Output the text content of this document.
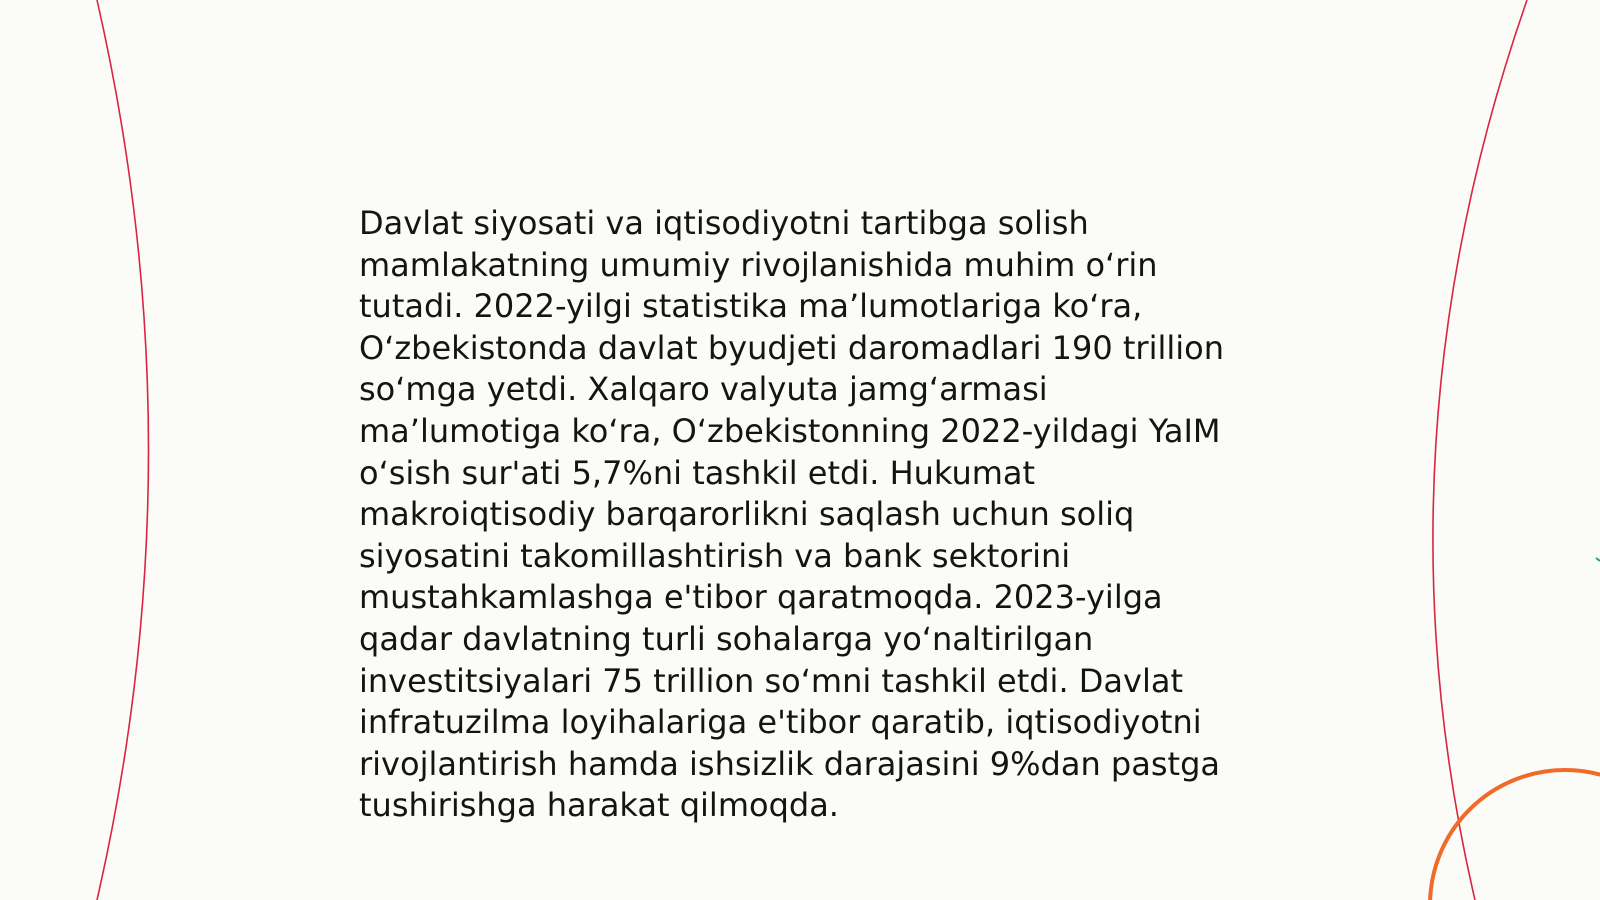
Davlat siyosati va iqtisodiyotni tartibga solish
mamlakatning umumiy rivojlanishida muhim o‘rin
tutadi. 2022-yilgi statistika ma’lumotlariga ko‘ra,
O‘zbekistonda davlat byudjeti daromadlari 190 trillion
so‘mga yetdi. Xalqaro valyuta jamg‘armasi
ma’lumotiga ko‘ra, O‘zbekistonning 2022-yildagi YaIM
o‘sish sur'ati 5,7%ni tashkil etdi. Hukumat
makroiqtisodiy barqarorlikni saqlash uchun soliq
siyosatini takomillashtirish va bank sektorini
mustahkamlashga e'tibor qaratmoqda. 2023-yilga
qadar davlatning turli sohalarga yo‘naltirilgan
investitsiyalari 75 trillion so‘mni tashkil etdi. Davlat
infratuzilma loyihalariga e'tibor qaratib, iqtisodiyotni
rivojlantirish hamda ishsizlik darajasini 9%dan pastga
tushirishga harakat qilmoqda.
